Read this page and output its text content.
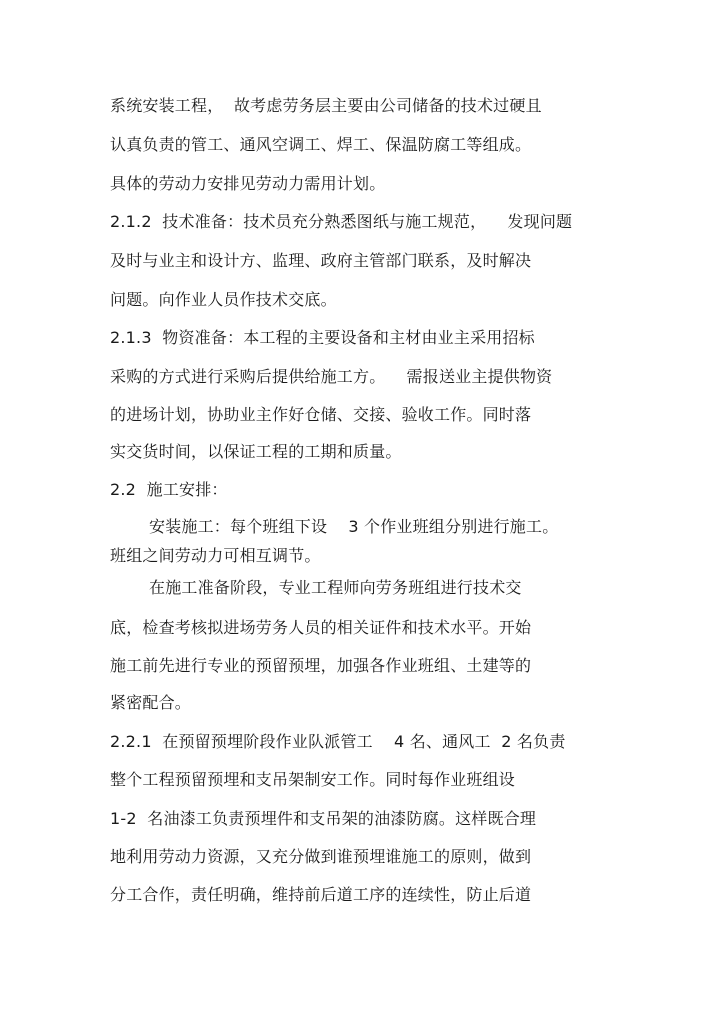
系统安装工程，  故考虑劳务层主要由公司储备的技术过硬且
认真负责的管工、通风空调工、焊工、保温防腐工等组成。
具体的劳动力安排见劳动力需用计划。
2.1.2  技术准备：技术员充分熟悉图纸与施工规范，    发现问题
及时与业主和设计方、监理、政府主管部门联系，及时解决
问题。向作业人员作技术交底。
2.1.3  物资准备：本工程的主要设备和主材由业主采用招标
采购的方式进行采购后提供给施工方。    需报送业主提供物资
的进场计划，协助业主作好仓储、交接、验收工作。同时落
实交货时间，以保证工程的工期和质量。
2.2  施工安排：
安装施工：每个班组下设    3 个作业班组分别进行施工。
班组之间劳动力可相互调节。
在施工准备阶段，专业工程师向劳务班组进行技术交
底，检查考核拟进场劳务人员的相关证件和技术水平。开始
施工前先进行专业的预留预埋，加强各作业班组、土建等的
紧密配合。
2.2.1  在预留预埋阶段作业队派管工    4 名、通风工  2 名负责
整个工程预留预埋和支吊架制安工作。同时每作业班组设
1-2  名油漆工负责预埋件和支吊架的油漆防腐。这样既合理
地利用劳动力资源，又充分做到谁预埋谁施工的原则，做到
分工合作，责任明确，维持前后道工序的连续性，防止后道
